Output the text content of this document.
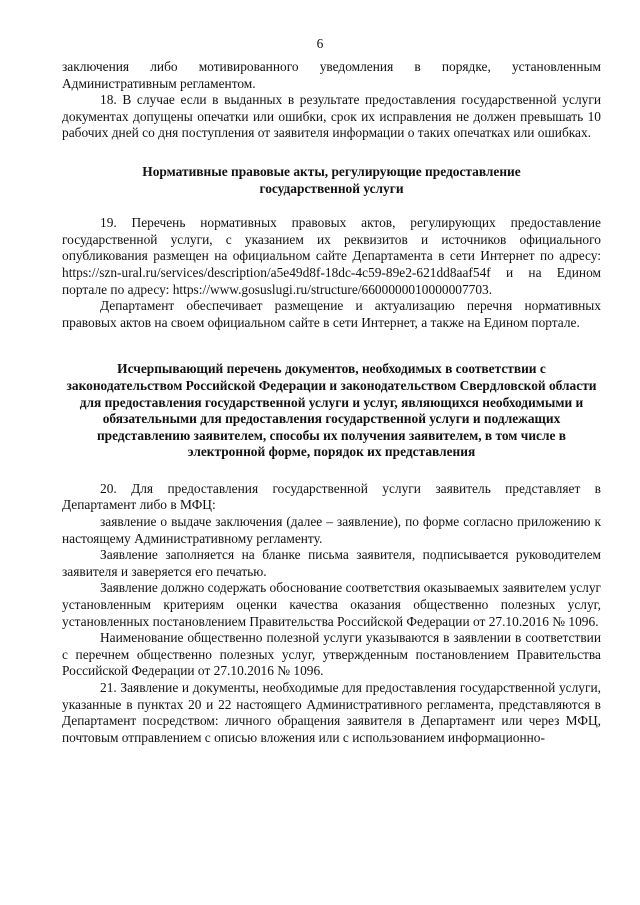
6

заключения либо мотивированного уведомления в порядке, установленным Административным регламентом.

18. В случае если в выданных в результате предоставления государственной услуги документах допущены опечатки или ошибки, срок их исправления не должен превышать 10 рабочих дней со дня поступления от заявителя информации о таких опечатках или ошибках.

Нормативные правовые акты, регулирующие предоставление государственной услуги

19. Перечень нормативных правовых актов, регулирующих предоставление государственной услуги, с указанием их реквизитов и источников официального опубликования размещен на официальном сайте Департамента в сети Интернет по адресу: https://szn-ural.ru/services/description/a5e49d8f-18dc-4c59-89e2-621dd8aaf54f и на Едином портале по адресу: https://www.gosuslugi.ru/structure/6600000010000007703.

Департамент обеспечивает размещение и актуализацию перечня нормативных правовых актов на своем официальном сайте в сети Интернет, а также на Едином портале.

Исчерпывающий перечень документов, необходимых в соответствии с законодательством Российской Федерации и законодательством Свердловской области для предоставления государственной услуги и услуг, являющихся необходимыми и обязательными для предоставления государственной услуги и подлежащих представлению заявителем, способы их получения заявителем, в том числе в электронной форме, порядок их представления

20. Для предоставления государственной услуги заявитель представляет в Департамент либо в МФЦ:

заявление о выдаче заключения (далее – заявление), по форме согласно приложению к настоящему Административному регламенту.

Заявление заполняется на бланке письма заявителя, подписывается руководителем заявителя и заверяется его печатью.

Заявление должно содержать обоснование соответствия оказываемых заявителем услуг установленным критериям оценки качества оказания общественно полезных услуг, установленных постановлением Правительства Российской Федерации от 27.10.2016 № 1096.

Наименование общественно полезной услуги указываются в заявлении в соответствии с перечнем общественно полезных услуг, утвержденным постановлением Правительства Российской Федерации от 27.10.2016 № 1096.

21. Заявление и документы, необходимые для предоставления государственной услуги, указанные в пунктах 20 и 22 настоящего Административного регламента, представляются в Департамент посредством: личного обращения заявителя в Департамент или через МФЦ, почтовым отправлением с описью вложения или с использованием информационно-
